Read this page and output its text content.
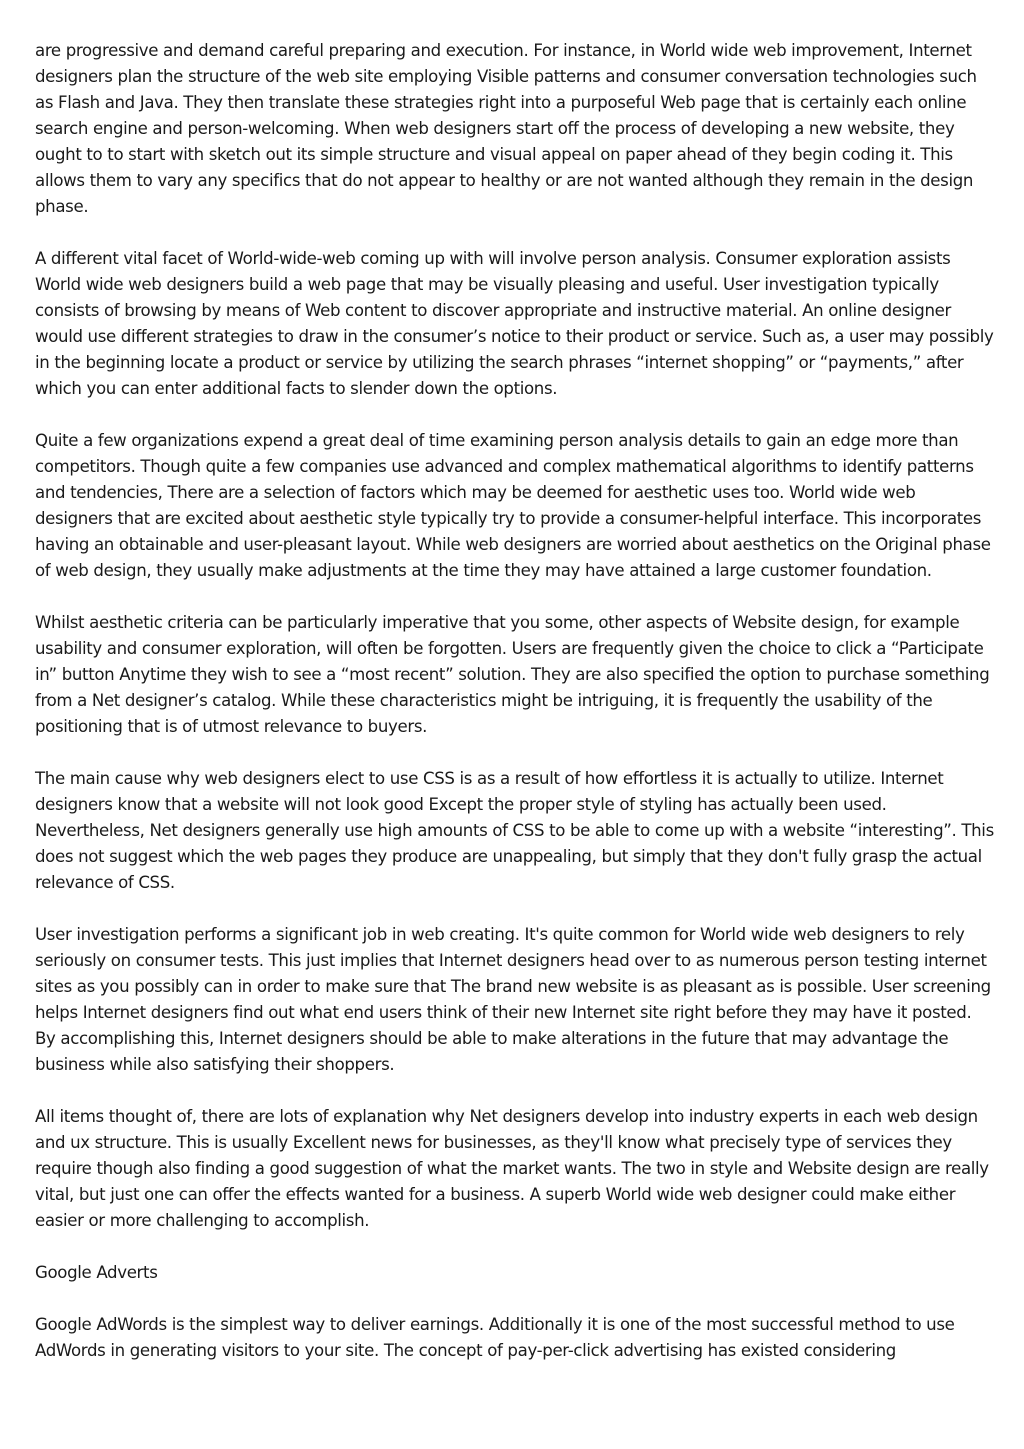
are progressive and demand careful preparing and execution. For instance, in World wide web improvement, Internet designers plan the structure of the web site employing Visible patterns and consumer conversation technologies such as Flash and Java. They then translate these strategies right into a purposeful Web page that is certainly each online search engine and person-welcoming. When web designers start off the process of developing a new website, they ought to to start with sketch out its simple structure and visual appeal on paper ahead of they begin coding it. This allows them to vary any specifics that do not appear to healthy or are not wanted although they remain in the design phase.

A different vital facet of World-wide-web coming up with will involve person analysis. Consumer exploration assists World wide web designers build a web page that may be visually pleasing and useful. User investigation typically consists of browsing by means of Web content to discover appropriate and instructive material. An online designer would use different strategies to draw in the consumer’s notice to their product or service. Such as, a user may possibly in the beginning locate a product or service by utilizing the search phrases “internet shopping” or “payments,” after which you can enter additional facts to slender down the options.

Quite a few organizations expend a great deal of time examining person analysis details to gain an edge more than competitors. Though quite a few companies use advanced and complex mathematical algorithms to identify patterns and tendencies, There are a selection of factors which may be deemed for aesthetic uses too. World wide web designers that are excited about aesthetic style typically try to provide a consumer-helpful interface. This incorporates having an obtainable and user-pleasant layout. While web designers are worried about aesthetics on the Original phase of web design, they usually make adjustments at the time they may have attained a large customer foundation.

Whilst aesthetic criteria can be particularly imperative that you some, other aspects of Website design, for example usability and consumer exploration, will often be forgotten. Users are frequently given the choice to click a “Participate in” button Anytime they wish to see a “most recent” solution. They are also specified the option to purchase something from a Net designer’s catalog. While these characteristics might be intriguing, it is frequently the usability of the positioning that is of utmost relevance to buyers.

The main cause why web designers elect to use CSS is as a result of how effortless it is actually to utilize. Internet designers know that a website will not look good Except the proper style of styling has actually been used. Nevertheless, Net designers generally use high amounts of CSS to be able to come up with a website “interesting”. This does not suggest which the web pages they produce are unappealing, but simply that they don't fully grasp the actual relevance of CSS.

User investigation performs a significant job in web creating. It's quite common for World wide web designers to rely seriously on consumer tests. This just implies that Internet designers head over to as numerous person testing internet sites as you possibly can in order to make sure that The brand new website is as pleasant as is possible. User screening helps Internet designers find out what end users think of their new Internet site right before they may have it posted. By accomplishing this, Internet designers should be able to make alterations in the future that may advantage the business while also satisfying their shoppers.

All items thought of, there are lots of explanation why Net designers develop into industry experts in each web design and ux structure. This is usually Excellent news for businesses, as they'll know what precisely type of services they require though also finding a good suggestion of what the market wants. The two in style and Website design are really vital, but just one can offer the effects wanted for a business. A superb World wide web designer could make either easier or more challenging to accomplish.

Google Adverts

Google AdWords is the simplest way to deliver earnings. Additionally it is one of the most successful method to use AdWords in generating visitors to your site. The concept of pay-per-click advertising has existed considering
